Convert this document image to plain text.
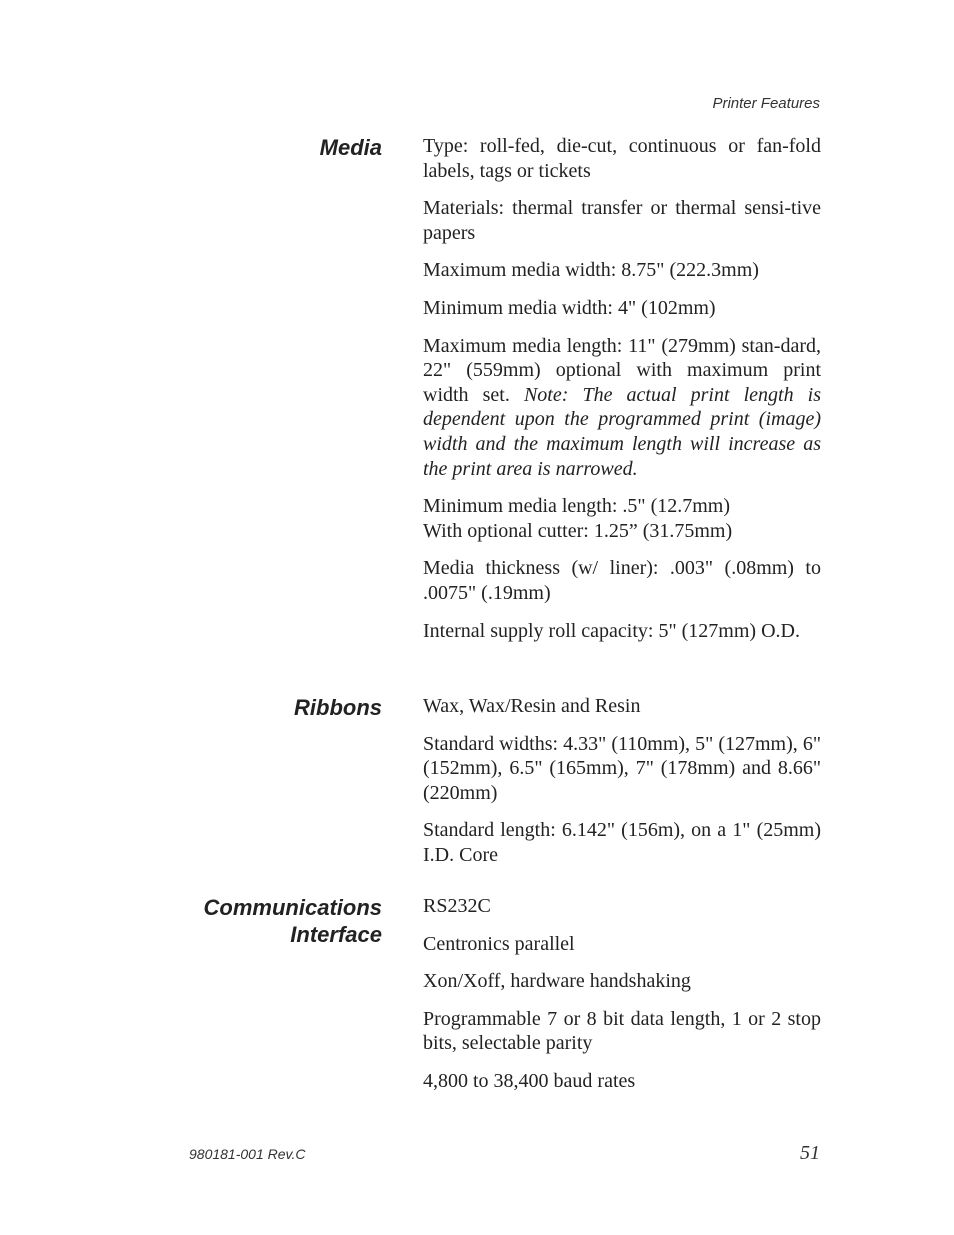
Printer Features
Media Type: roll-fed, die-cut, continuous or fan-fold labels, tags or tickets

Materials: thermal transfer or thermal sensi-tive papers

Maximum media width: 8.75" (222.3mm)

Minimum media width: 4" (102mm)

Maximum media length: 11" (279mm) stan-dard, 22" (559mm) optional with maximum print width set. Note: The actual print length is dependent upon the programmed print (image) width and the maximum length will increase as the print area is narrowed.

Minimum media length: .5" (12.7mm)
With optional cutter: 1.25” (31.75mm)

Media thickness (w/ liner): .003" (.08mm) to .0075" (.19mm)

Internal supply roll capacity: 5" (127mm) O.D.

Ribbons Wax, Wax/Resin and Resin

Standard widths: 4.33" (110mm), 5" (127mm), 6" (152mm), 6.5" (165mm), 7" (178mm) and 8.66" (220mm)

Standard length: 6.142" (156m), on a 1" (25mm) I.D. Core

Communications
Interface

RS232C

Centronics parallel

Xon/Xoff, hardware handshaking

Programmable 7 or 8 bit data length, 1 or 2 stop bits, selectable parity

4,800 to 38,400 baud rates

980181-001 Rev.C	51
